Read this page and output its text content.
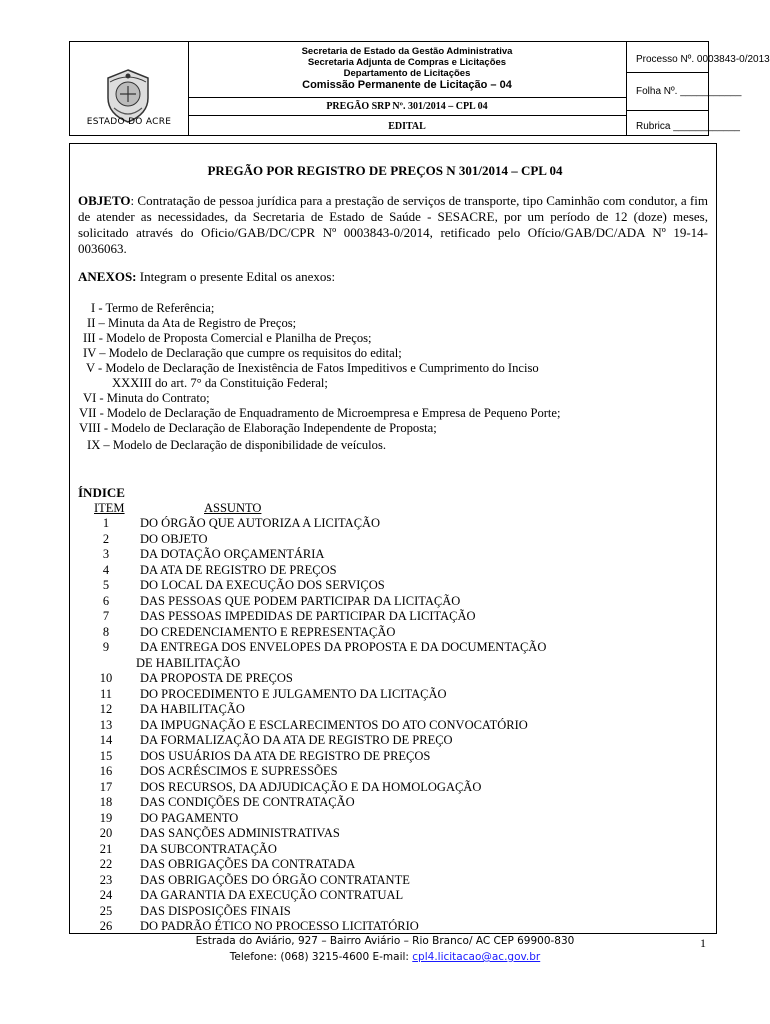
ESTADO DO ACRE
Secretaria de Estado da Gestão Administrativa
Secretaria Adjunta de Compras e Licitações
Departamento de Licitações
Comissão Permanente de Licitação – 04
PREGÃO SRP Nº. 301/2014 – CPL 04
EDITAL
Processo Nº. 0003843-0/2013
Folha Nº. ___________
Rubrica ____________
PREGÃO POR REGISTRO DE PREÇOS N 301/2014 – CPL 04
OBJETO: Contratação de pessoa jurídica para a prestação de serviços de transporte, tipo Caminhão com condutor, a fim de atender as necessidades, da Secretaria de Estado de Saúde - SESACRE, por um período de 12 (doze) meses, solicitado através do Oficio/GAB/DC/CPR Nº 0003843-0/2014, retificado pelo Ofício/GAB/DC/ADA Nº 19-14-0036063.
ANEXOS: Integram o presente Edital os anexos:
I - Termo de Referência;
II – Minuta da Ata de Registro de Preços;
III - Modelo de Proposta Comercial e Planilha de Preços;
IV – Modelo de Declaração que cumpre os requisitos do edital;
V - Modelo de Declaração de Inexistência de Fatos Impeditivos e Cumprimento do Inciso
XXXIII do art. 7° da Constituição Federal;
VI - Minuta do Contrato;
VII - Modelo de Declaração de Enquadramento de Microempresa e Empresa de Pequeno Porte;
VIII - Modelo de Declaração de Elaboração Independente de Proposta;
IX – Modelo de Declaração de disponibilidade de veículos.
ÍNDICE
ITEM	ASSUNTO
1	DO ÓRGÃO QUE AUTORIZA A LICITAÇÃO
2	DO OBJETO
3	DA DOTAÇÃO ORÇAMENTÁRIA
4	DA ATA DE REGISTRO DE PREÇOS
5	DO LOCAL DA EXECUÇÃO DOS SERVIÇOS
6	DAS PESSOAS QUE PODEM PARTICIPAR DA LICITAÇÃO
7	DAS PESSOAS IMPEDIDAS DE PARTICIPAR DA LICITAÇÃO
8	DO CREDENCIAMENTO E REPRESENTAÇÃO
9	DA ENTREGA DOS ENVELOPES DA PROPOSTA E DA DOCUMENTAÇÃO
DE HABILITAÇÃO
10	DA PROPOSTA DE PREÇOS
11	DO PROCEDIMENTO E JULGAMENTO DA LICITAÇÃO
12	DA HABILITAÇÃO
13	DA IMPUGNAÇÃO E ESCLARECIMENTOS DO ATO CONVOCATÓRIO
14	DA FORMALIZAÇÃO DA ATA DE REGISTRO DE PREÇO
15	DOS USUÁRIOS DA ATA DE REGISTRO DE PREÇOS
16	DOS ACRÉSCIMOS E SUPRESSÕES
17	DOS RECURSOS, DA ADJUDICAÇÃO E DA HOMOLOGAÇÃO
18	DAS CONDIÇÕES DE CONTRATAÇÃO
19	DO PAGAMENTO
20	DAS SANÇÕES ADMINISTRATIVAS
21	DA SUBCONTRATAÇÃO
22	DAS OBRIGAÇÕES DA CONTRATADA
23	DAS OBRIGAÇÕES DO ÓRGÃO CONTRATANTE
24	DA GARANTIA DA EXECUÇÃO CONTRATUAL
25	DAS DISPOSIÇÕES FINAIS
26	DO PADRÃO ÉTICO NO PROCESSO LICITATÓRIO
Estrada do Aviário, 927 – Bairro Aviário – Rio Branco/ AC CEP 69900-830
Telefone: (068) 3215-4600 E-mail: cpl4.licitacao@ac.gov.br
1
